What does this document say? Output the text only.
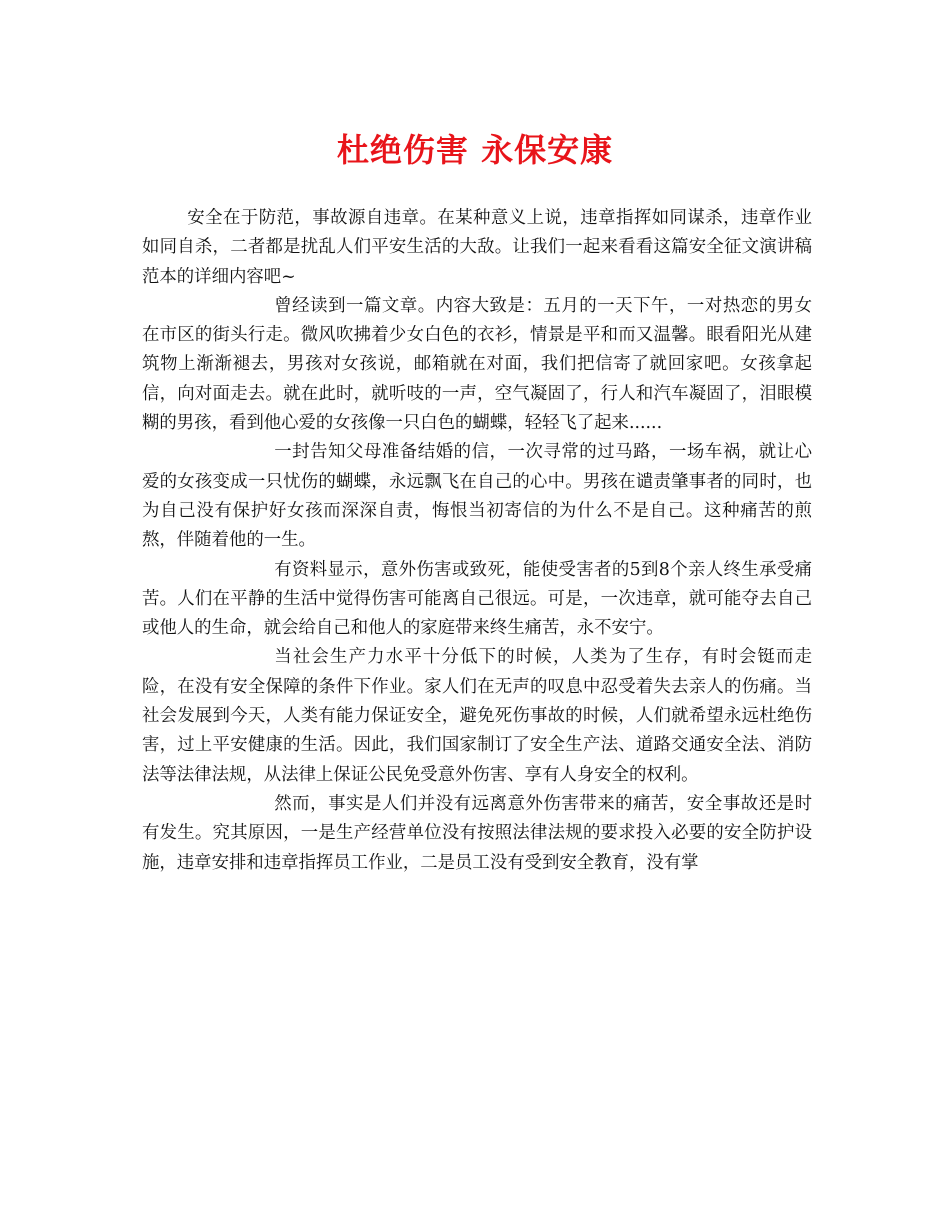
杜绝伤害 永保安康

安全在于防范，事故源自违章。在某种意义上说，违章指挥如同谋杀，违章作业如同自杀，二者都是扰乱人们平安生活的大敌。让我们一起来看看这篇安全征文演讲稿范本的详细内容吧~

曾经读到一篇文章。内容大致是：五月的一天下午，一对热恋的男女在市区的街头行走。微风吹拂着少女白色的衣衫，情景是平和而又温馨。眼看阳光从建筑物上渐渐褪去，男孩对女孩说，邮箱就在对面，我们把信寄了就回家吧。女孩拿起信，向对面走去。就在此时，就听吱的一声，空气凝固了，行人和汽车凝固了，泪眼模糊的男孩，看到他心爱的女孩像一只白色的蝴蝶，轻轻飞了起来......

一封告知父母准备结婚的信，一次寻常的过马路，一场车祸，就让心爱的女孩变成一只忧伤的蝴蝶，永远飘飞在自己的心中。男孩在谴责肇事者的同时，也为自己没有保护好女孩而深深自责，悔恨当初寄信的为什么不是自己。这种痛苦的煎熬，伴随着他的一生。

有资料显示，意外伤害或致死，能使受害者的5到8个亲人终生承受痛苦。人们在平静的生活中觉得伤害可能离自己很远。可是，一次违章，就可能夺去自己或他人的生命，就会给自己和他人的家庭带来终生痛苦，永不安宁。

当社会生产力水平十分低下的时候，人类为了生存，有时会铤而走险，在没有安全保障的条件下作业。家人们在无声的叹息中忍受着失去亲人的伤痛。当社会发展到今天，人类有能力保证安全，避免死伤事故的时候，人们就希望永远杜绝伤害，过上平安健康的生活。因此，我们国家制订了安全生产法、道路交通安全法、消防法等法律法规，从法律上保证公民免受意外伤害、享有人身安全的权利。

然而，事实是人们并没有远离意外伤害带来的痛苦，安全事故还是时有发生。究其原因，一是生产经营单位没有按照法律法规的要求投入必要的安全防护设施，违章安排和违章指挥员工作业，二是员工没有受到安全教育，没有掌
